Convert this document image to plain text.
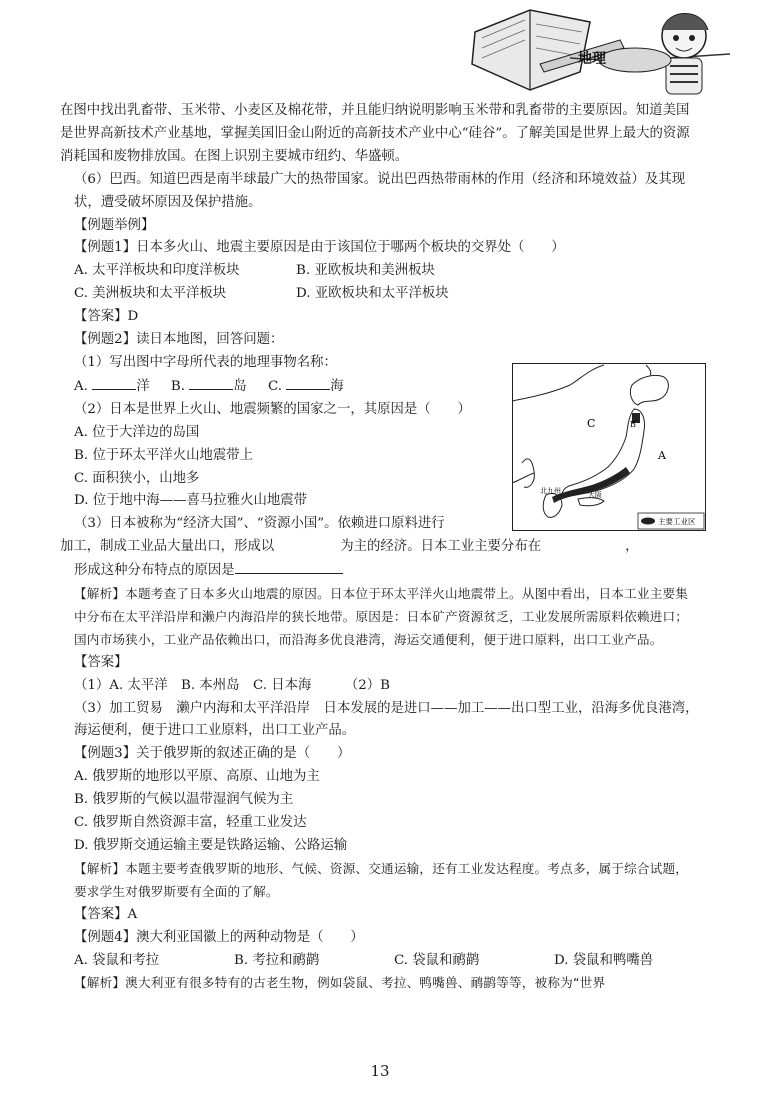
地理

在图中找出乳畜带、玉米带、小麦区及棉花带，并且能归纳说明影响玉米带和乳畜带的主要原因。知道美国是世界高新技术产业基地，掌握美国旧金山附近的高新技术产业中心“硅谷”。了解美国是世界上最大的资源消耗国和废物排放国。在图上识别主要城市纽约、华盛顿。

（6）巴西。知道巴西是南半球最广大的热带国家。说出巴西热带雨林的作用（经济和环境效益）及其现状，遭受破坏原因及保护措施。

【例题举例】

【例题1】日本多火山、地震主要原因是由于该国位于哪两个板块的交界处（　　）

A. 太平洋板块和印度洋板块	B. 亚欧板块和美洲板块
C. 美洲板块和太平洋板块	D. 亚欧板块和太平洋板块

【答案】D

【例题2】读日本地图，回答问题：

（1）写出图中字母所代表的地理事物名称：

A.	洋 B.	岛 C.	海

（2）日本是世界上火山、地震频繁的国家之一，其原因是（　　）

A. 位于大洋边的岛国

B. 位于环太平洋火山地震带上

C. 面积狭小，山地多

D. 位于地中海——喜马拉雅火山地震带

（3）日本被称为“经济大国”、“资源小国”。依赖进口原料进行

加工，制成工业品大量出口，形成以	为主的经济。日本工业主要分布在	，

形成这种分布特点的原因是

【解析】本题考查了日本多火山地震的原因。日本位于环太平洋火山地震带上。从图中看出，日本工业主要集中分布在太平洋沿岸和濑户内海沿岸的狭长地带。原因是：日本矿产资源贫乏，工业发展所需原料依赖进口；国内市场狭小，工业产品依赖出口，而沿海多优良港湾，海运交通便利，便于进口原料，出口工业产品。

【答案】

（1）A. 太平洋　B. 本州岛　C. 日本海　　　（2）B

（3）加工贸易　濑户内海和太平洋沿岸　日本发展的是进口——加工——出口型工业，沿海多优良港湾，海运便利，便于进口工业原料，出口工业产品。

【例题3】关于俄罗斯的叙述正确的是（　　）

A. 俄罗斯的地形以平原、高原、山地为主

B. 俄罗斯的气候以温带湿润气候为主

C. 俄罗斯自然资源丰富，轻重工业发达

D. 俄罗斯交通运输主要是铁路运输、公路运输

【解析】本题主要考查俄罗斯的地形、气候、资源、交通运输，还有工业发达程度。考点多，属于综合试题，要求学生对俄罗斯要有全面的了解。

【答案】A

【例题4】澳大利亚国徽上的两种动物是（　　）

A. 袋鼠和考拉	B. 考拉和鸸鹋	C. 袋鼠和鸸鹋	D. 袋鼠和鸭嘴兽

【解析】澳大利亚有很多特有的古老生物，例如袋鼠、考拉、鸭嘴兽、鸸鹋等等，被称为“世界

C
A
B
北九州	大阪
主要工业区
13
